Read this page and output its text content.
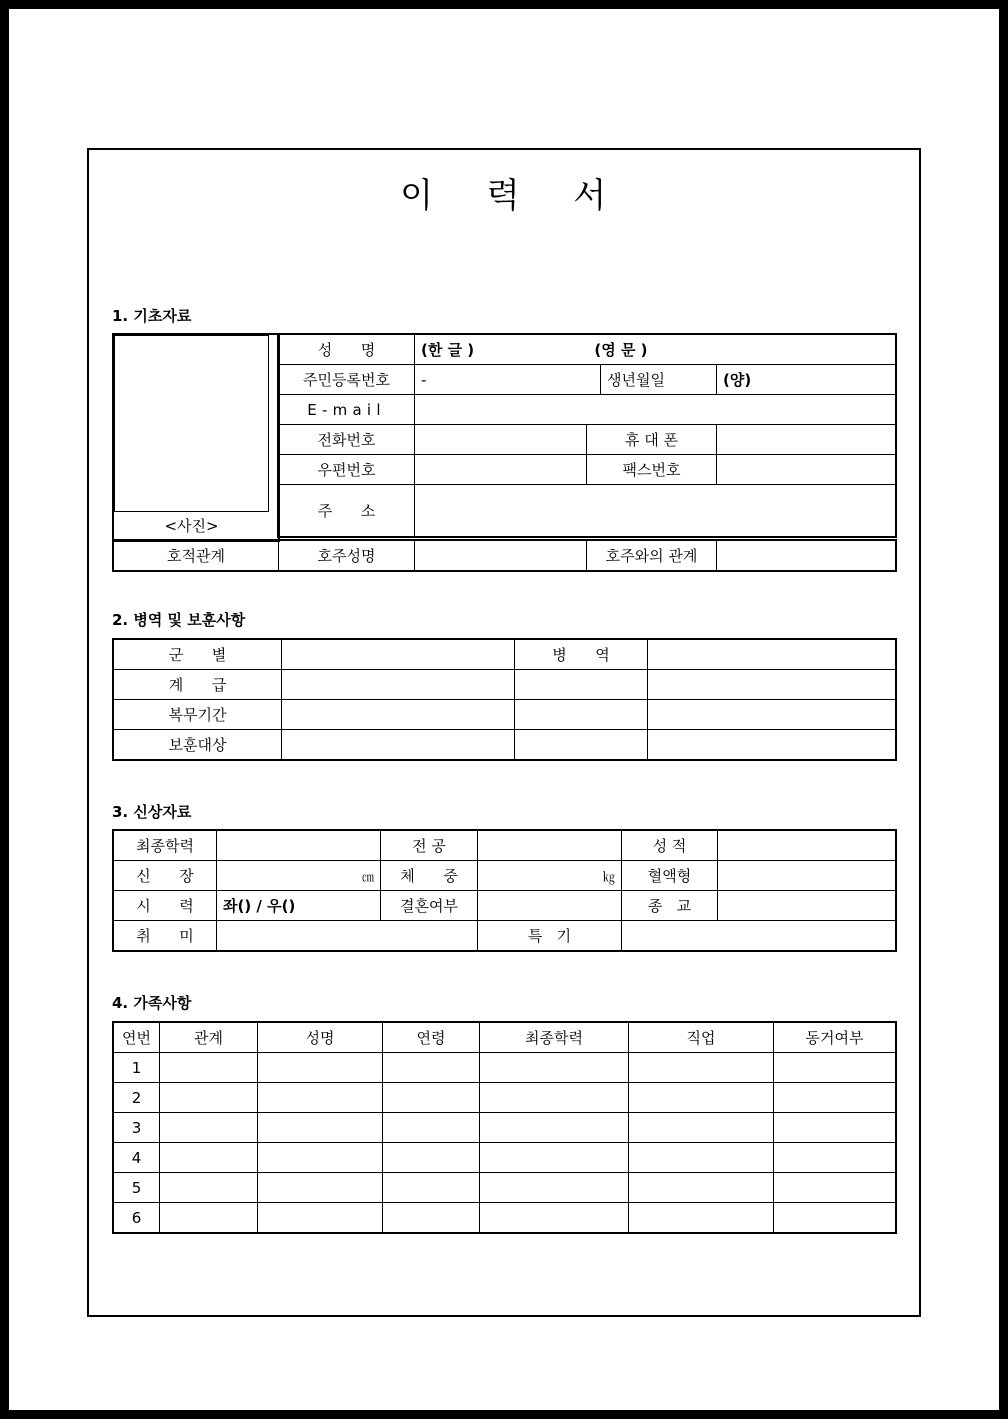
이 력 서
1. 기초자료
<사진>
성      명	(한 글 ) (영 문 )			
주민등록번호	-		생년월일	(양)
E-mail				
전화번호		휴 대 폰		
우편번호		팩스번호		
주      소				
호적관계	호주성명		호주와의 관계	
2. 병역 및 보훈사항
군      별		병      역	
계      급			
복무기간			
보훈대상			
3. 신상자료
최종학력		전 공		성 적	
신      장	㎝	체      중	㎏	혈액형	
시      력	좌() / 우()	결혼여부		종   교	
취      미			특   기		
4. 가족사항
연번	관계	성명	연령	최종학력	직업	동거여부
1						
2						
3						
4						
5						
6						
